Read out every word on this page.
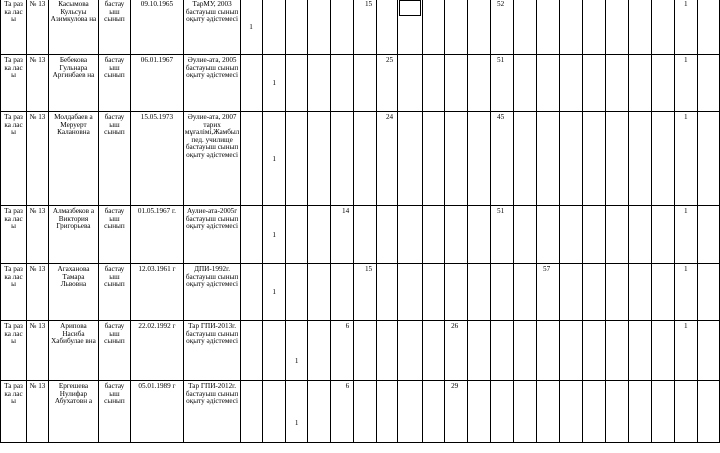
Та раз ка лас ы	№ 13	Касымова Кульсуы Азимкулова на	бастау ыш сынып	09.10.1965	ТарМУ, 2003 бастауыш сынып оқыту әдістемесі	1					15						52								1	
Та раз ка лас ы	№ 13	Бебекова Гульнара Аргинбаев на	бастау ыш сынып	06.01.1967	Әулие-ата, 2005 бастауыш сынып оқыту әдістемесі		1					25					51								1	
Та раз ка лас ы	№ 13	Молдабаев а Меруерт Калановна	бастау ыш сынып	15.05.1973	Әулие-ата, 2007 тарих мұғалімі,Жамбыл пед. училище бастауыш сынып оқыту әдістемесі		1					24					45								1	
Та раз ка лас ы	№ 13	Алмазбеков а Виктория Григорьева	бастау ыш сынып	01.05.1967 г.	Аулие-ата-2005г бастауыш сынып оқыту әдістемесі		1			14							51								1	
Та раз ка лас ы	№ 13	Агаханова Тамара Львовна	бастау ыш сынып	12.03.1961 г	ДПИ-1992г. бастауыш сынып оқыту әдістемесі		1				15								57						1	
Та раз ка лас ы	№ 13	Арипова Насиба Хабибулае вна	бастау ыш сынып	22.02.1992 г	Тар ГПИ-2013г. бастауыш сынып оқыту әдістемесі			1		6					26										1	
Та раз ка лас ы	№ 13	Ергешева Нулифар Абухатовн а	бастау ыш сынып	05.01.1989 г	Тар ГПИ-2012г. бастауыш сынып оқыту әдістемесі			1		6					29											
